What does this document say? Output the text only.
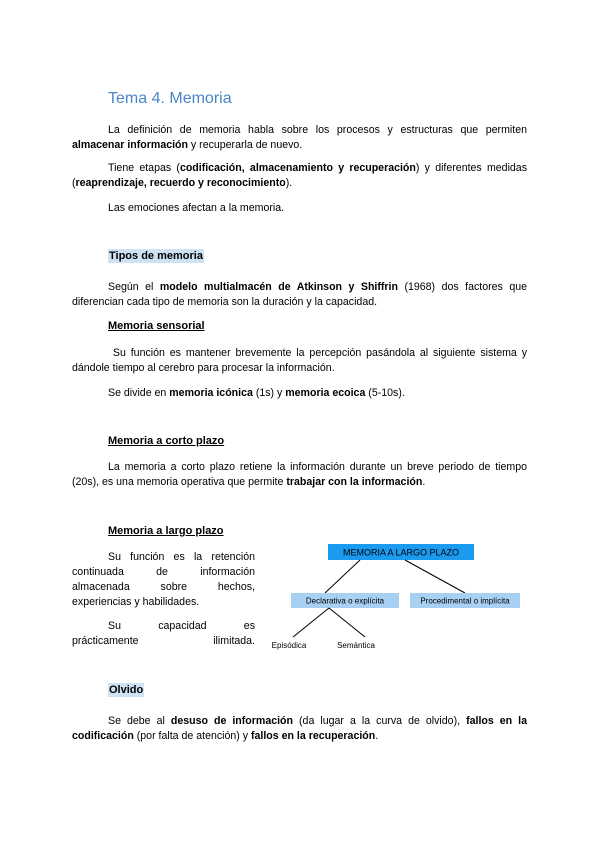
Tema 4. Memoria

La definición de memoria habla sobre los procesos y estructuras que permiten almacenar información y recuperarla de nuevo.

Tiene etapas (codificación, almacenamiento y recuperación) y diferentes medidas (reaprendizaje, recuerdo y reconocimiento).

Las emociones afectan a la memoria.

Tipos de memoria

Según el modelo multialmacén de Atkinson y Shiffrin (1968) dos factores que diferencian cada tipo de memoria son la duración y la capacidad.

Memoria sensorial

Su función es mantener brevemente la percepción pasándola al siguiente sistema y dándole tiempo al cerebro para procesar la información.

Se divide en memoria icónica (1s) y memoria ecoica (5-10s).

Memoria a corto plazo

La memoria a corto plazo retiene la información durante un breve periodo de tiempo (20s), es una memoria operativa que permite trabajar con la información.

Memoria a largo plazo

Su función es la retención continuada de información almacenada sobre hechos, experiencias y habilidades.

Su capacidad es prácticamente ilimitada.

MEMORIA A LARGO PLAZO
Declarativa o explícita	Procedimental o implícita
Episódica	Semántica
Olvido

Se debe al desuso de información (da lugar a la curva de olvido), fallos en la codificación (por falta de atención) y fallos en la recuperación.
